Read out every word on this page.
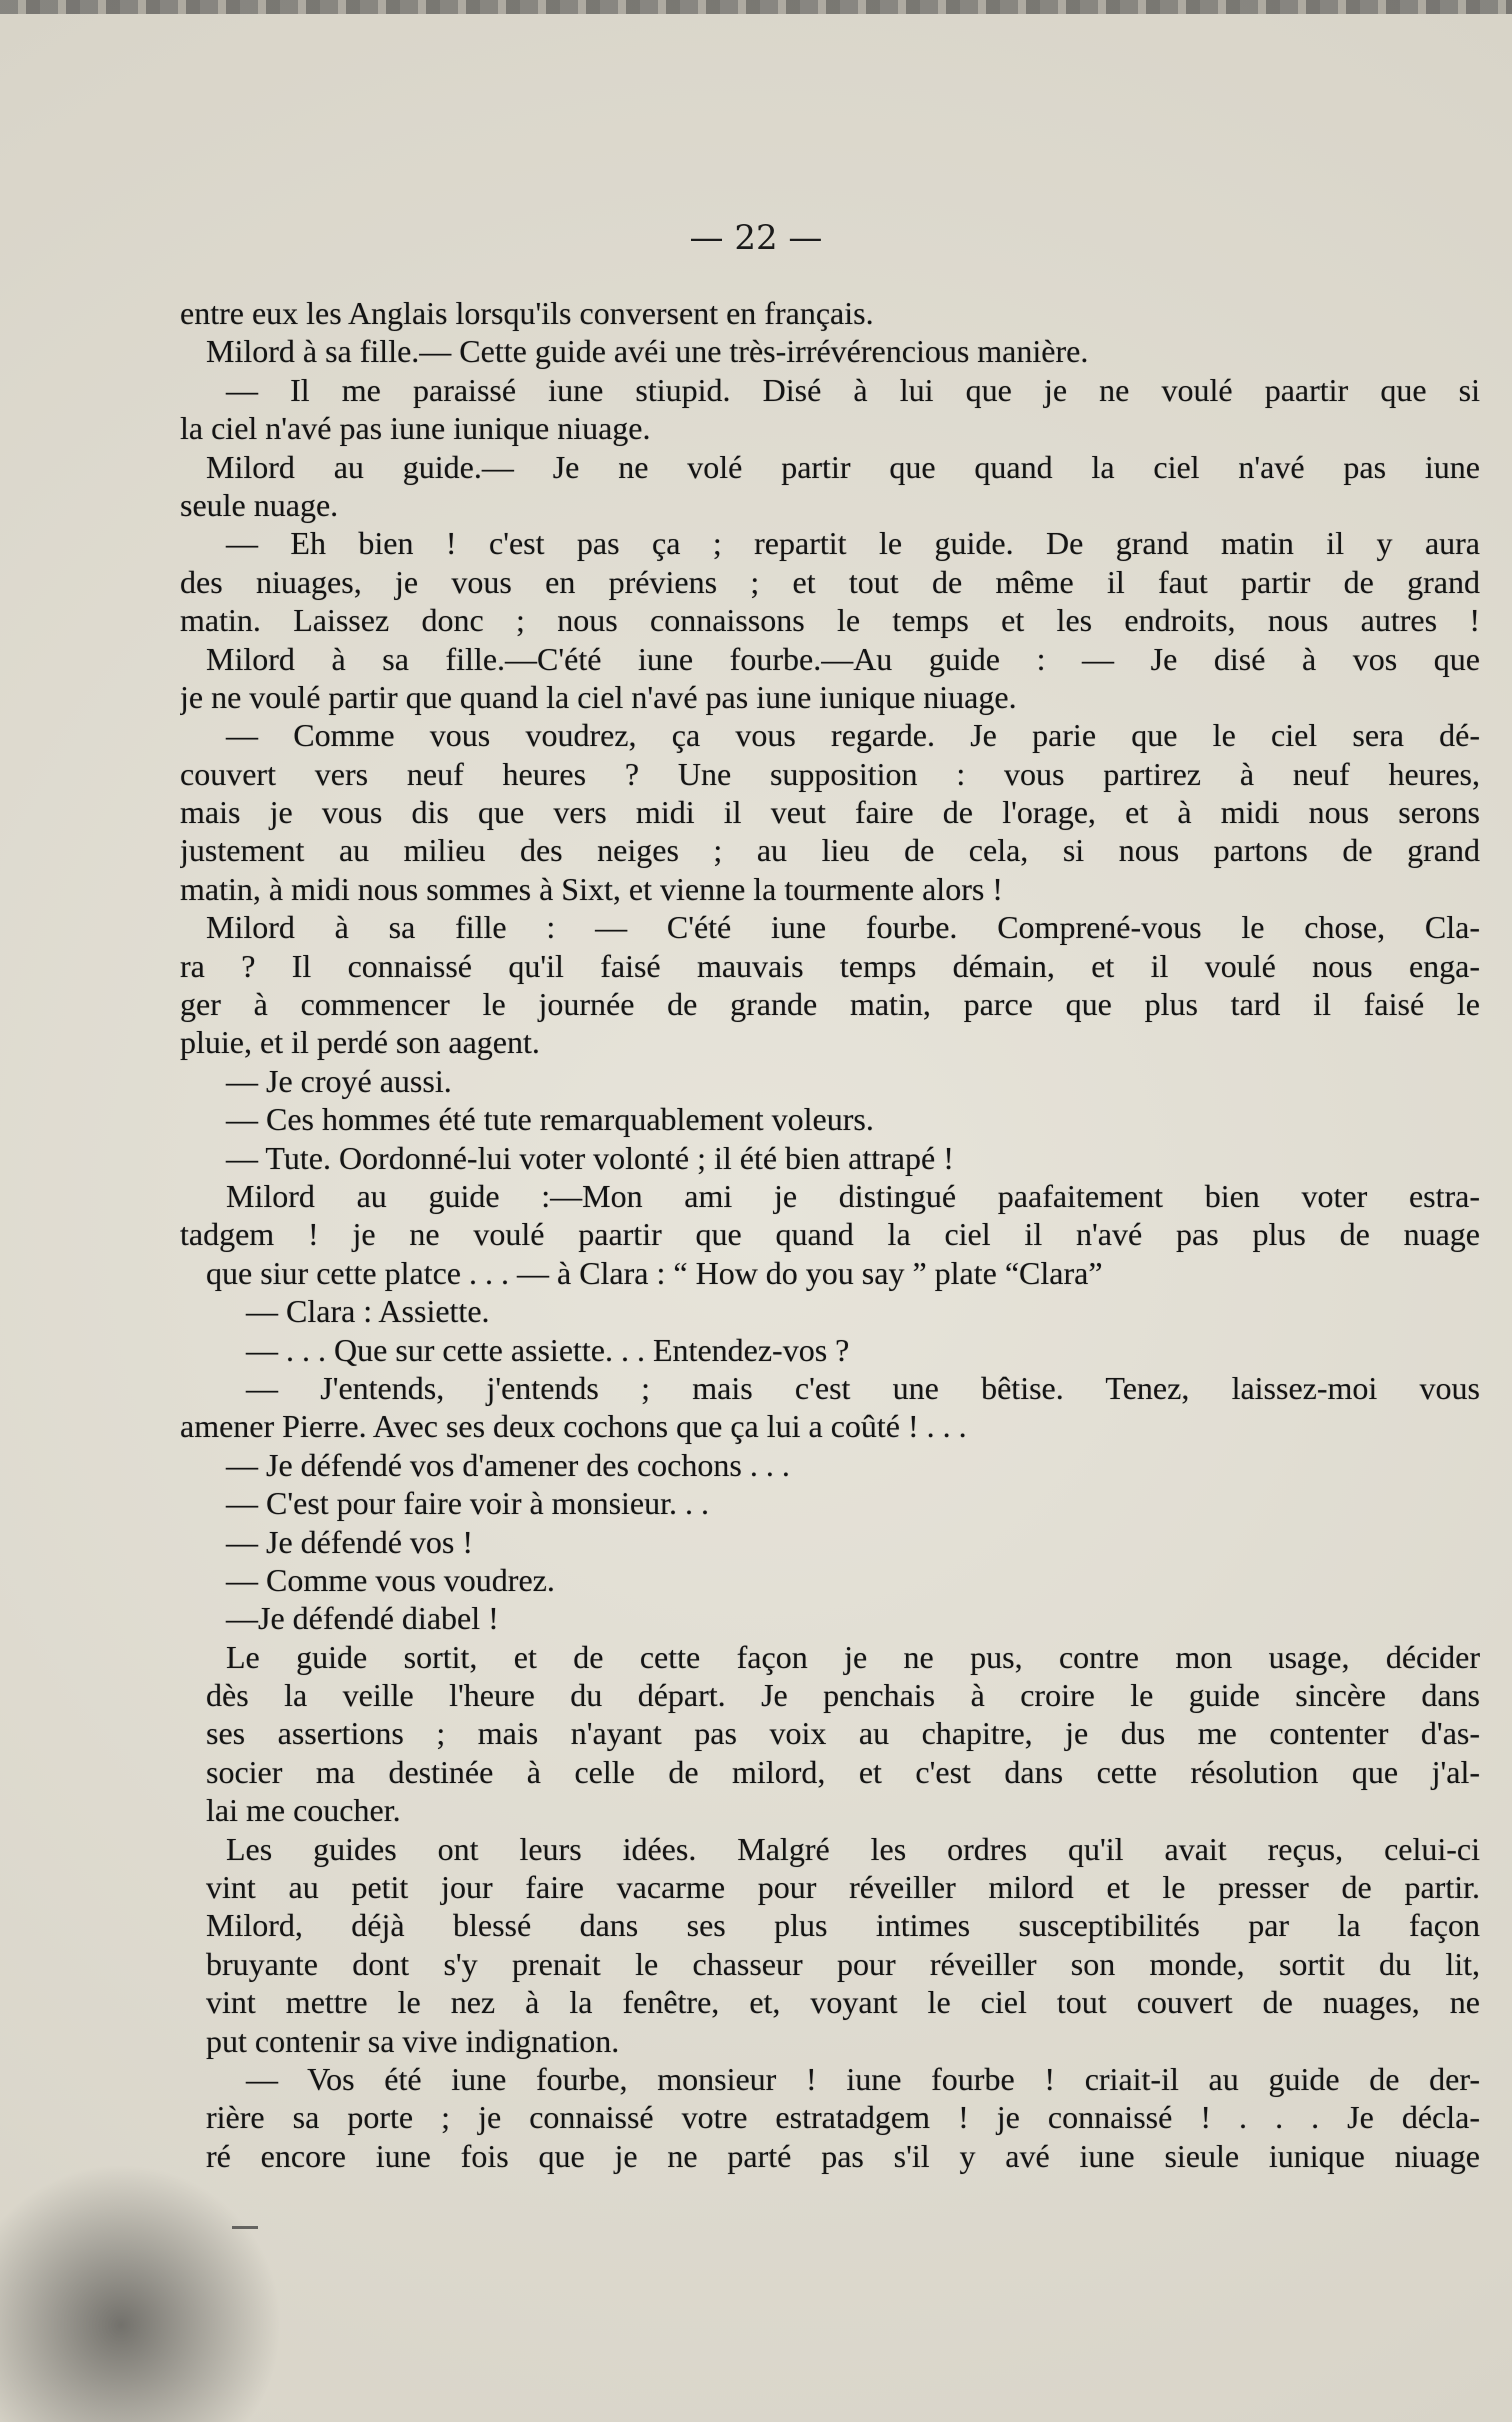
— 22 —
entre eux les Anglais lorsqu'ils conversent en français.
Milord à sa fille.— Cette guide avéi une très-irrévérencious manière.
— Il me paraissé iune stiupid. Disé à lui que je ne voulé paartir que si
la ciel n'avé pas iune iunique niuage.
Milord au guide.— Je ne volé partir que quand la ciel n'avé pas iune
seule nuage.
— Eh bien ! c'est pas ça ; repartit le guide. De grand matin il y aura
des niuages, je vous en préviens ; et tout de même il faut partir de grand
matin. Laissez donc ; nous connaissons le temps et les endroits, nous autres !
Milord à sa fille.—C'été iune fourbe.—Au guide : — Je disé à vos que
je ne voulé partir que quand la ciel n'avé pas iune iunique niuage.
— Comme vous voudrez, ça vous regarde. Je parie que le ciel sera dé-
couvert vers neuf heures ? Une supposition : vous partirez à neuf heures,
mais je vous dis que vers midi il veut faire de l'orage, et à midi nous serons
justement au milieu des neiges ; au lieu de cela, si nous partons de grand
matin, à midi nous sommes à Sixt, et vienne la tourmente alors !
Milord à sa fille : — C'été iune fourbe. Comprené-vous le chose, Cla-
ra ? Il connaissé qu'il faisé mauvais temps démain, et il voulé nous enga-
ger à commencer le journée de grande matin, parce que plus tard il faisé le
pluie, et il perdé son aagent.
— Je croyé aussi.
— Ces hommes été tute remarquablement voleurs.
— Tute. Oordonné-lui voter volonté ; il été bien attrapé !
Milord au guide :—Mon ami je distingué paafaitement bien voter estra-
tadgem ! je ne voulé paartir que quand la ciel il n'avé pas plus de nuage
que siur cette platce . . . — à Clara : “ How do you say ” plate “Clara”
— Clara : Assiette.
— . . . Que sur cette assiette. . . Entendez-vos ?
— J'entends, j'entends ; mais c'est une bêtise. Tenez, laissez-moi vous
amener Pierre. Avec ses deux cochons que ça lui a coûté ! . . .
— Je défendé vos d'amener des cochons . . .
— C'est pour faire voir à monsieur. . .
— Je défendé vos !
— Comme vous voudrez.
—Je défendé diabel !
Le guide sortit, et de cette façon je ne pus, contre mon usage, décider
dès la veille l'heure du départ. Je penchais à croire le guide sincère dans
ses assertions ; mais n'ayant pas voix au chapitre, je dus me contenter d'as-
socier ma destinée à celle de milord, et c'est dans cette résolution que j'al-
lai me coucher.
Les guides ont leurs idées. Malgré les ordres qu'il avait reçus, celui-ci
vint au petit jour faire vacarme pour réveiller milord et le presser de partir.
Milord, déjà blessé dans ses plus intimes susceptibilités par la façon
bruyante dont s'y prenait le chasseur pour réveiller son monde, sortit du lit,
vint mettre le nez à la fenêtre, et, voyant le ciel tout couvert de nuages, ne
put contenir sa vive indignation.
— Vos été iune fourbe, monsieur ! iune fourbe ! criait-il au guide de der-
rière sa porte ; je connaissé votre estratadgem ! je connaissé ! . . . Je décla-
ré encore iune fois que je ne parté pas s'il y avé iune sieule iunique niuage
